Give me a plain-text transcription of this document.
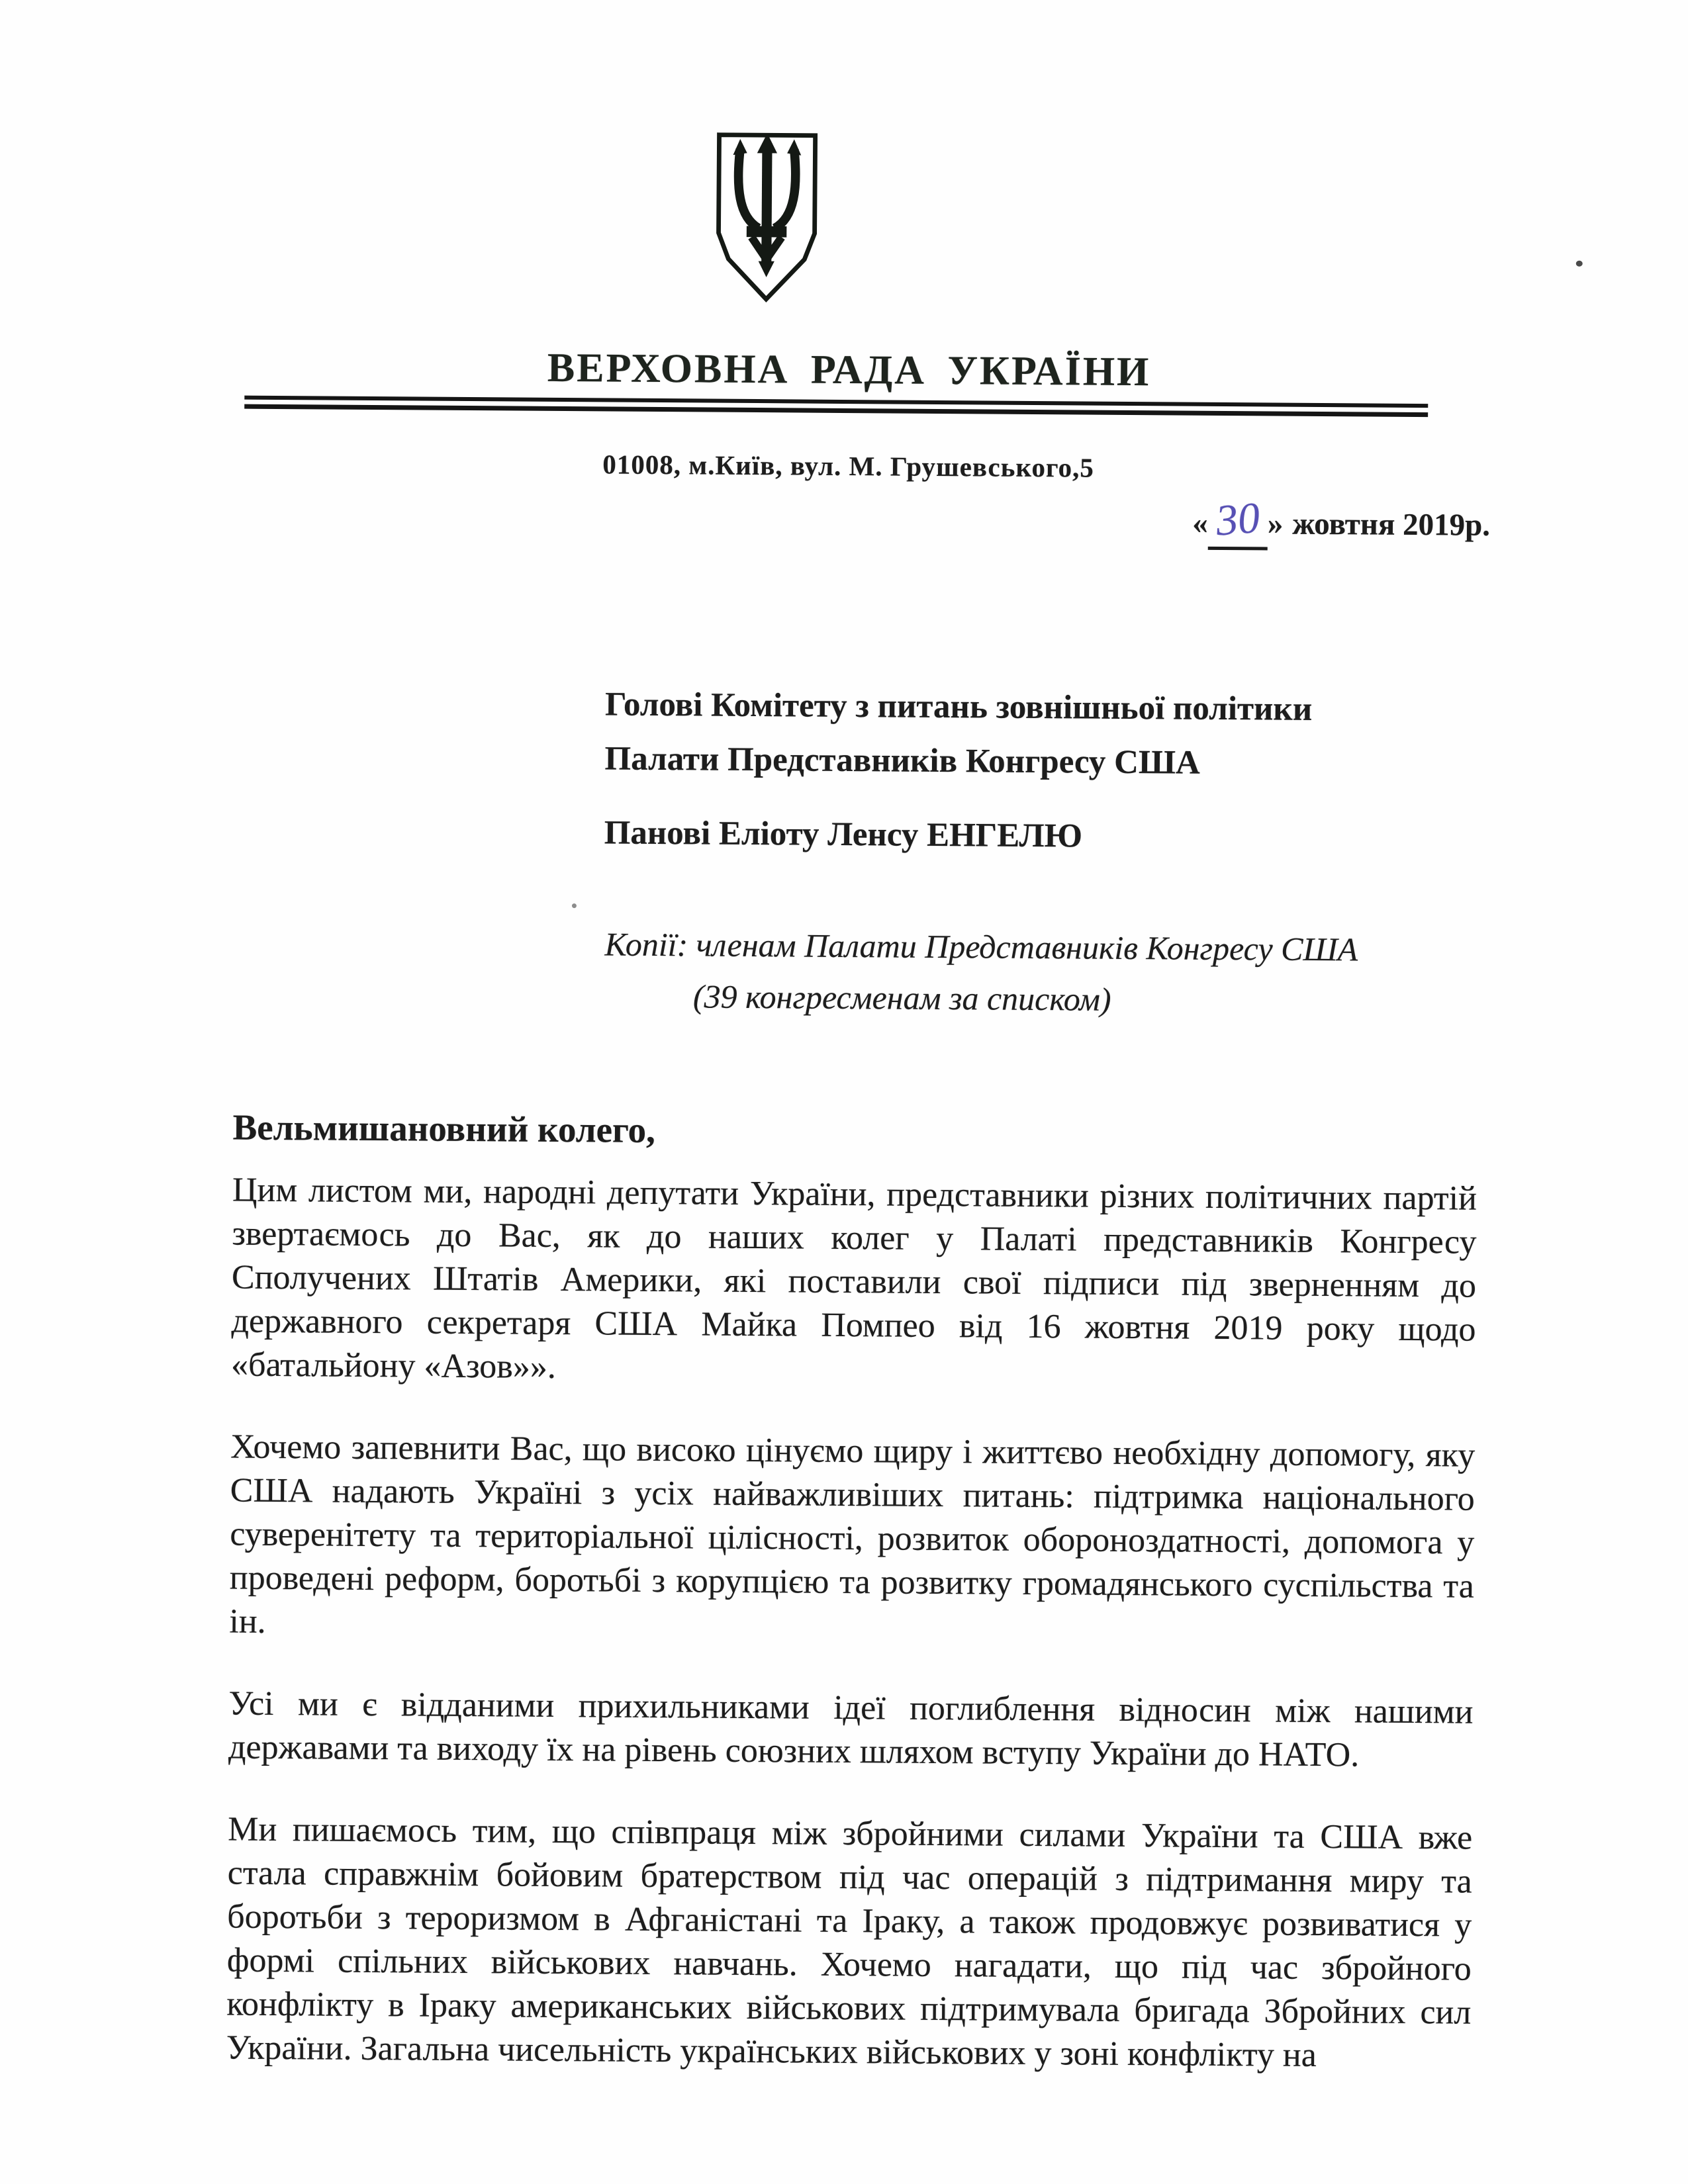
ВЕРХОВНА РАДА УКРАЇНИ
01008, м.Київ, вул. М. Грушевського,5
« 30 » жовтня 2019р.
Голові Комітету з питань зовнішньої політики
Палати Представників Конгресу США
Панові Еліоту Ленсу ЕНГЕЛЮ
Копії: членам Палати Представників Конгресу США
(39 конгресменам за списком)
Вельмишановний колего,

Цим листом ми, народні депутати України, представники різних політичних партій звертаємось до Вас, як до наших колег у Палаті представників Конгресу Сполучених Штатів Америки, які поставили свої підписи під зверненням до державного секретаря США Майка Помпео від 16 жовтня 2019 року щодо «батальйону «Азов»».

Хочемо запевнити Вас, що високо цінуємо щиру і життєво необхідну допомогу, яку США надають Україні з усіх найважливіших питань: підтримка національного суверенітету та територіальної цілісності, розвиток обороноздатності, допомога у проведені реформ, боротьбі з корупцією та розвитку громадянського суспільства та ін.

Усі ми є відданими прихильниками ідеї поглиблення відносин між нашими державами та виходу їх на рівень союзних шляхом вступу України до НАТО.

Ми пишаємось тим, що співпраця між збройними силами України та США вже стала справжнім бойовим братерством під час операцій з підтримання миру та боротьби з тероризмом в Афганістані та Іраку, а також продовжує розвиватися у формі спільних військових навчань. Хочемо нагадати, що під час збройного конфлікту в Іраку американських військових підтримувала бригада Збройних сил України. Загальна чисельність українських військових у зоні конфлікту на
